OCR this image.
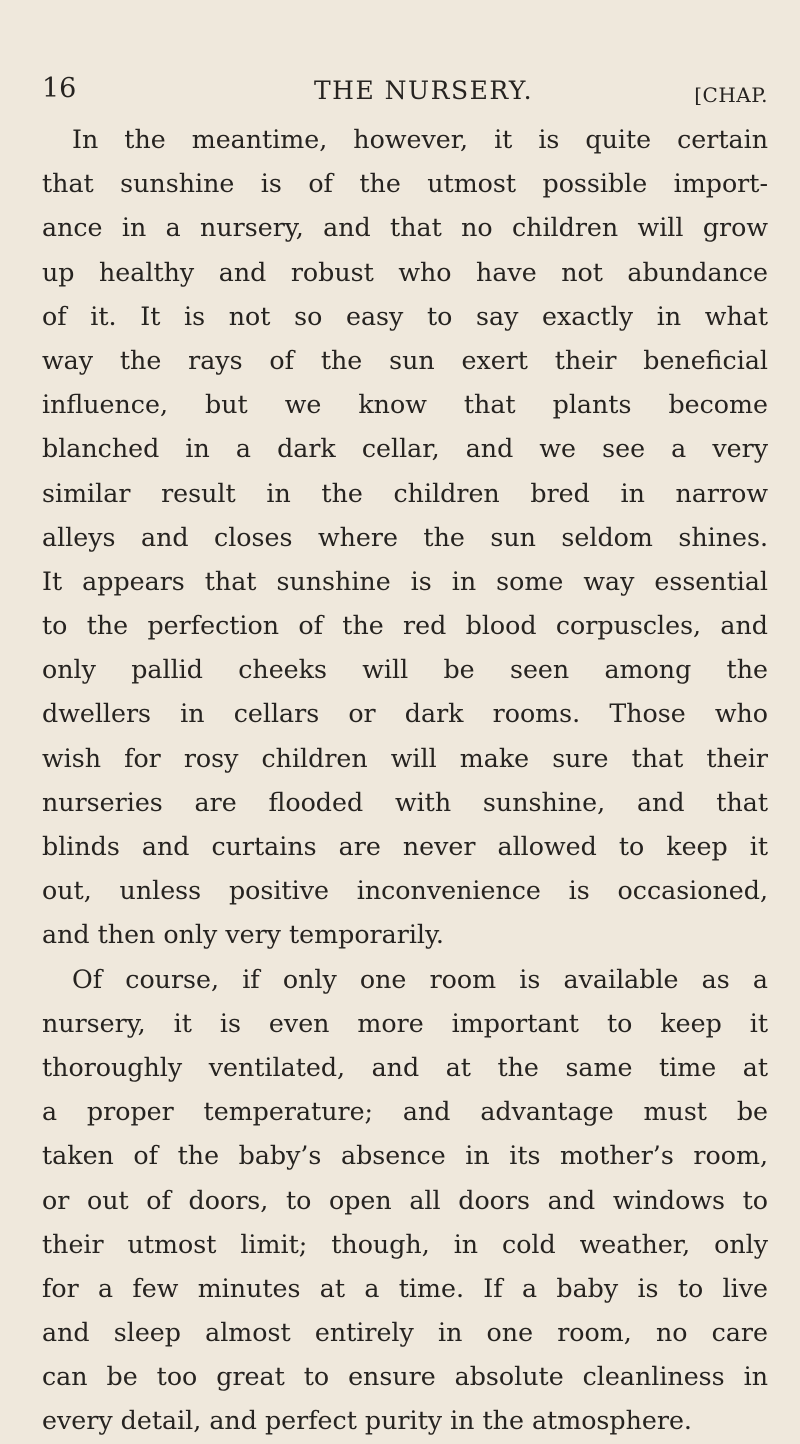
16	THE NURSERY.	[CHAP.
In the meantime, however, it is quite certain
that sunshine is of the utmost possible import-
ance in a nursery, and that no children will grow
up healthy and robust who have not abundance
of it. It is not so easy to say exactly in what
way the rays of the sun exert their beneficial
influence, but we know that plants become
blanched in a dark cellar, and we see a very
similar result in the children bred in narrow
alleys and closes where the sun seldom shines.
It appears that sunshine is in some way essential
to the perfection of the red blood corpuscles, and
only pallid cheeks will be seen among the
dwellers in cellars or dark rooms. Those who
wish for rosy children will make sure that their
nurseries are flooded with sunshine, and that
blinds and curtains are never allowed to keep it
out, unless positive inconvenience is occasioned,
and then only very temporarily.
Of course, if only one room is available as a
nursery, it is even more important to keep it
thoroughly ventilated, and at the same time at
a proper temperature; and advantage must be
taken of the baby’s absence in its mother’s room,
or out of doors, to open all doors and windows to
their utmost limit; though, in cold weather, only
for a few minutes at a time. If a baby is to live
and sleep almost entirely in one room, no care
can be too great to ensure absolute cleanliness in
every detail, and perfect purity in the atmosphere.
